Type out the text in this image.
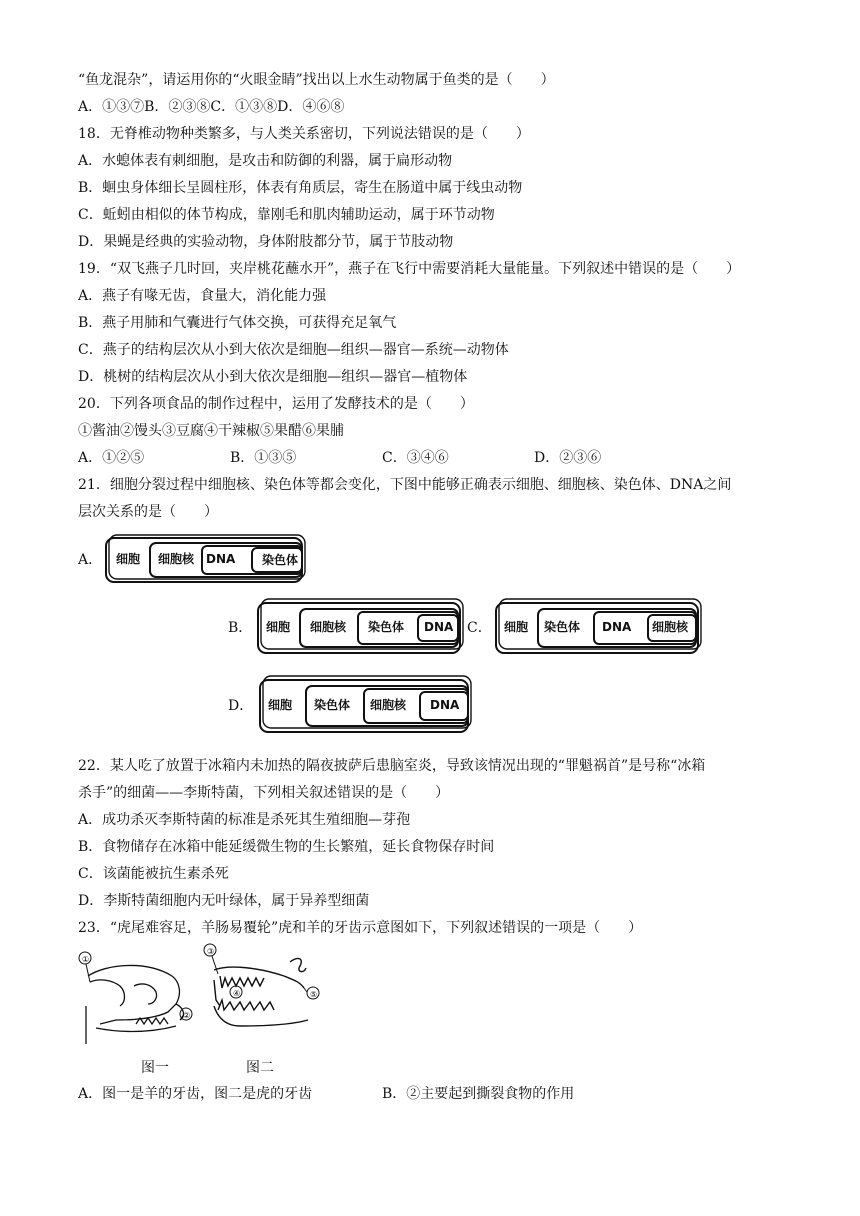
“鱼龙混杂”，请运用你的“火眼金睛”找出以上水生动物属于鱼类的是（　　）
A．①③⑦B．②③⑧C．①③⑧D．④⑥⑧
18．无脊椎动物种类繁多，与人类关系密切，下列说法错误的是（　　）
A．水螅体表有刺细胞，是攻击和防御的利器，属于扁形动物
B．蛔虫身体细长呈圆柱形，体表有角质层，寄生在肠道中属于线虫动物
C．蚯蚓由相似的体节构成，靠刚毛和肌肉辅助运动，属于环节动物
D．果蝇是经典的实验动物，身体附肢都分节，属于节肢动物
19．“双飞燕子几时回，夹岸桃花蘸水开”，燕子在飞行中需要消耗大量能量。下列叙述中错误的是（　　）
A．燕子有喙无齿，食量大，消化能力强
B．燕子用肺和气囊进行气体交换，可获得充足氧气
C．燕子的结构层次从小到大依次是细胞—组织—器官—系统—动物体
D．桃树的结构层次从小到大依次是细胞—组织—器官—植物体
20．下列各项食品的制作过程中，运用了发酵技术的是（　　）
①酱油②馒头③豆腐④干辣椒⑤果醋⑥果脯
A．①②⑤	B．①③⑤	C．③④⑥	D．②③⑥
21．细胞分裂过程中细胞核、染色体等都会变化，下图中能够正确表示细胞、细胞核、染色体、DNA之间
层次关系的是（　　）
A． 细胞 细胞核 DNA 染色体
B． 细胞 细胞核 染色体 DNA C． 细胞 染色体 DNA 细胞核
D． 细胞 染色体 细胞核 DNA
22．某人吃了放置于冰箱内未加热的隔夜披萨后患脑室炎，导致该情况出现的“罪魁祸首”是号称“冰箱
杀手”的细菌——李斯特菌，下列相关叙述错误的是（　　）
A．成功杀灭李斯特菌的标准是杀死其生殖细胞—芽孢
B．食物储存在冰箱中能延缓微生物的生长繁殖，延长食物保存时间
C．该菌能被抗生素杀死
D．李斯特菌细胞内无叶绿体，属于异养型细菌
23．“虎尾难容足，羊肠易覆轮”虎和羊的牙齿示意图如下，下列叙述错误的一项是（　　）
①
②
③
④	⑤
图一	图二
A．图一是羊的牙齿，图二是虎的牙齿	B．②主要起到撕裂食物的作用
